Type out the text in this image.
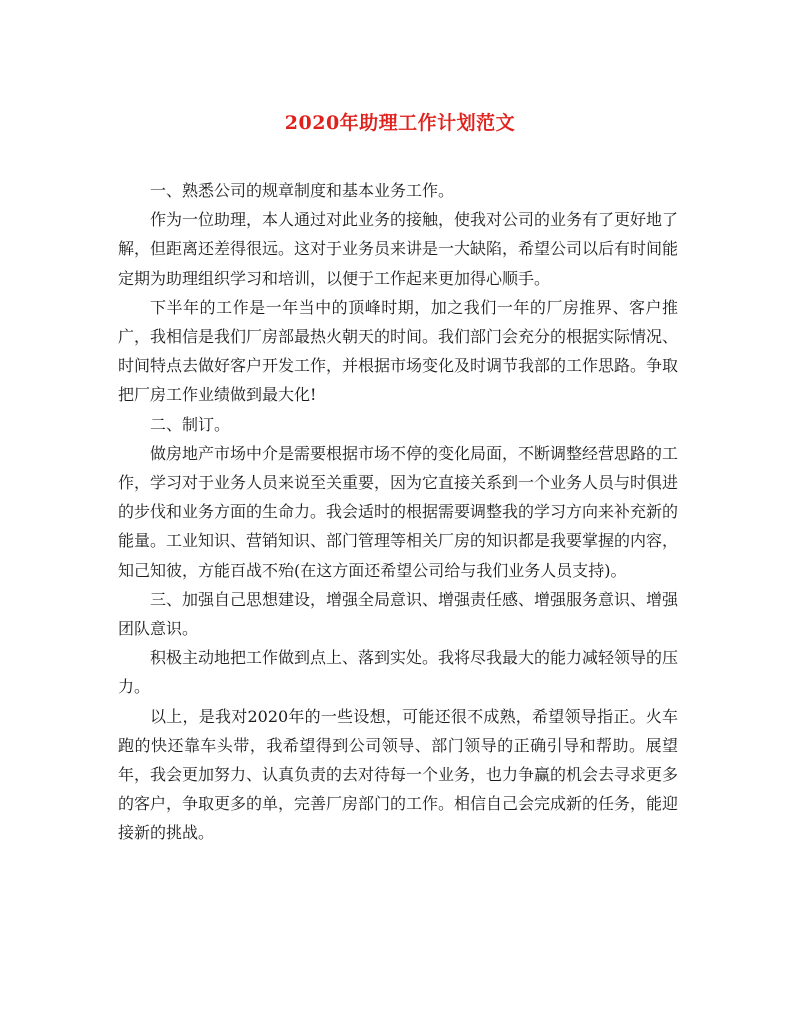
2020年助理工作计划范文

一、熟悉公司的规章制度和基本业务工作。

作为一位助理，本人通过对此业务的接触，使我对公司的业务有了更好地了解，但距离还差得很远。这对于业务员来讲是一大缺陷，希望公司以后有时间能定期为助理组织学习和培训，以便于工作起来更加得心顺手。

下半年的工作是一年当中的顶峰时期，加之我们一年的厂房推界、客户推广，我相信是我们厂房部最热火朝天的时间。我们部门会充分的根据实际情况、时间特点去做好客户开发工作，并根据市场变化及时调节我部的工作思路。争取把厂房工作业绩做到最大化!

二、制订。

做房地产市场中介是需要根据市场不停的变化局面，不断调整经营思路的工作，学习对于业务人员来说至关重要，因为它直接关系到一个业务人员与时俱进的步伐和业务方面的生命力。我会适时的根据需要调整我的学习方向来补充新的能量。工业知识、营销知识、部门管理等相关厂房的知识都是我要掌握的内容，知己知彼，方能百战不殆(在这方面还希望公司给与我们业务人员支持)。

三、加强自己思想建设，增强全局意识、增强责任感、增强服务意识、增强团队意识。

积极主动地把工作做到点上、落到实处。我将尽我最大的能力减轻领导的压力。

以上，是我对2020年的一些设想，可能还很不成熟，希望领导指正。火车跑的快还靠车头带，我希望得到公司领导、部门领导的正确引导和帮助。展望年，我会更加努力、认真负责的去对待每一个业务，也力争赢的机会去寻求更多的客户，争取更多的单，完善厂房部门的工作。相信自己会完成新的任务，能迎接新的挑战。
